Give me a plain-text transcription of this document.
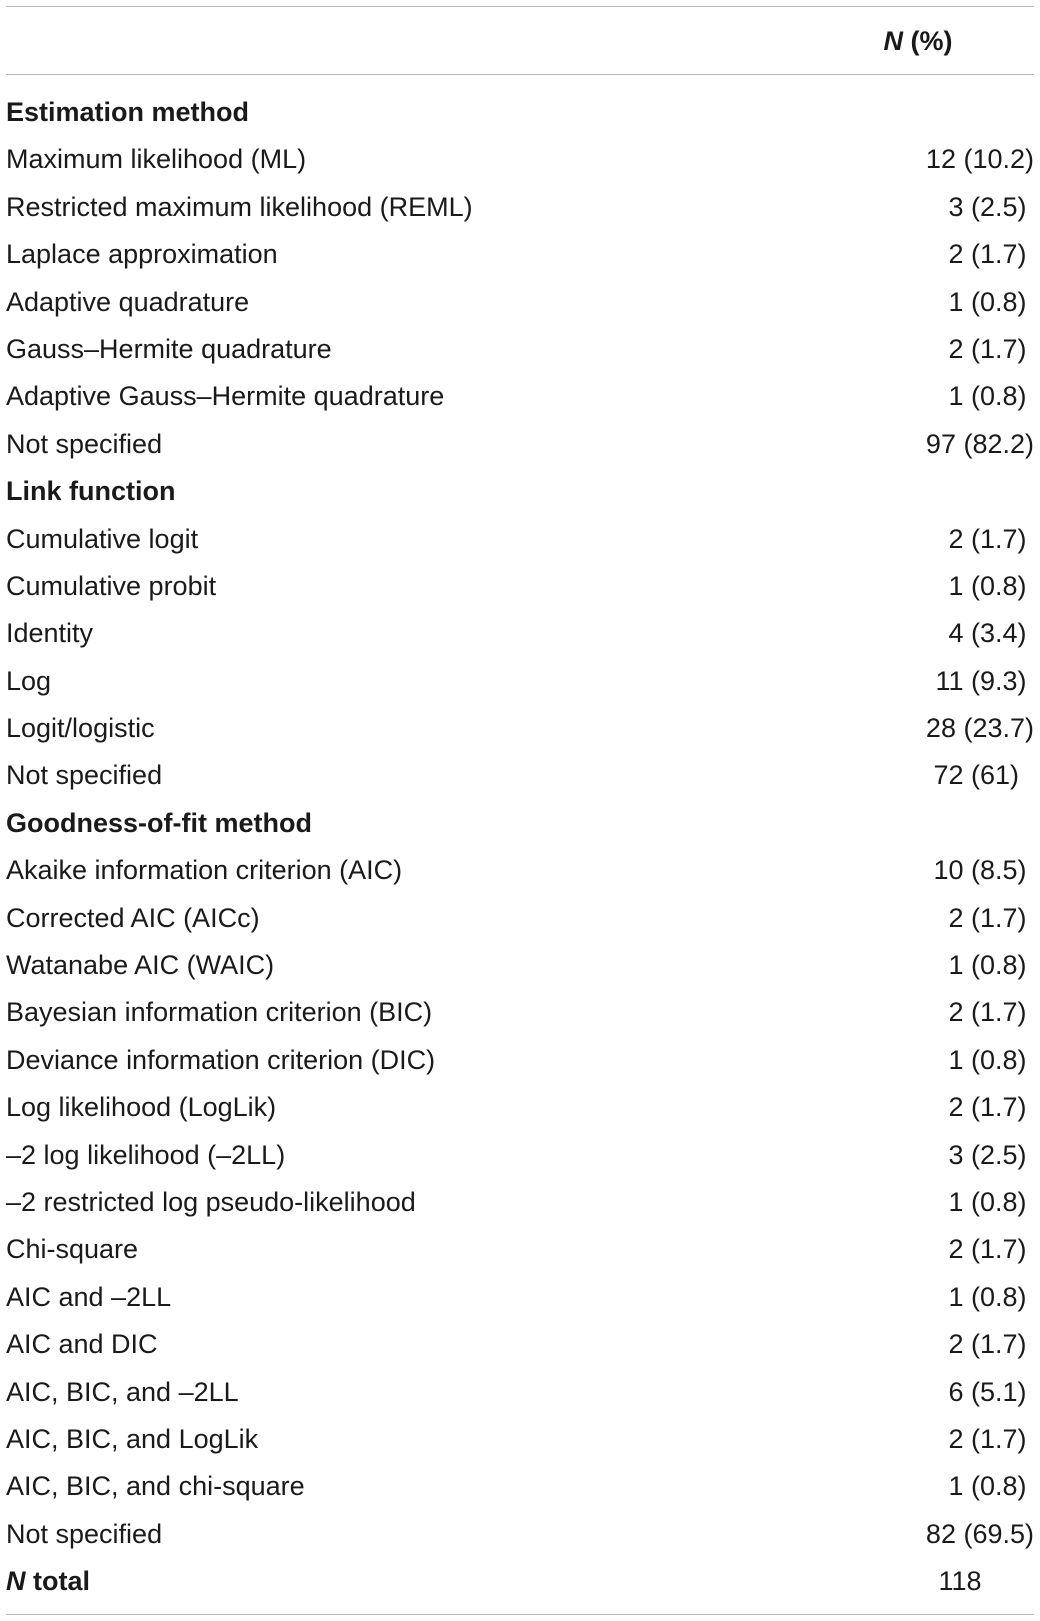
N (%)
Estimation method
Maximum likelihood (ML)	12 (10.2)
Restricted maximum likelihood (REML)	3 (2.5)
Laplace approximation	2 (1.7)
Adaptive quadrature	1 (0.8)
Gauss–Hermite quadrature	2 (1.7)
Adaptive Gauss–Hermite quadrature	1 (0.8)
Not specified	97 (82.2)
Link function
Cumulative logit	2 (1.7)
Cumulative probit	1 (0.8)
Identity	4 (3.4)
Log	11 (9.3)
Logit/logistic	28 (23.7)
Not specified	72 (61)
Goodness-of-fit method
Akaike information criterion (AIC)	10 (8.5)
Corrected AIC (AICc)	2 (1.7)
Watanabe AIC (WAIC)	1 (0.8)
Bayesian information criterion (BIC)	2 (1.7)
Deviance information criterion (DIC)	1 (0.8)
Log likelihood (LogLik)	2 (1.7)
–2 log likelihood (–2LL)	3 (2.5)
–2 restricted log pseudo-likelihood	1 (0.8)
Chi-square	2 (1.7)
AIC and –2LL	1 (0.8)
AIC and DIC	2 (1.7)
AIC, BIC, and –2LL	6 (5.1)
AIC, BIC, and LogLik	2 (1.7)
AIC, BIC, and chi-square	1 (0.8)
Not specified	82 (69.5)
N total	118
